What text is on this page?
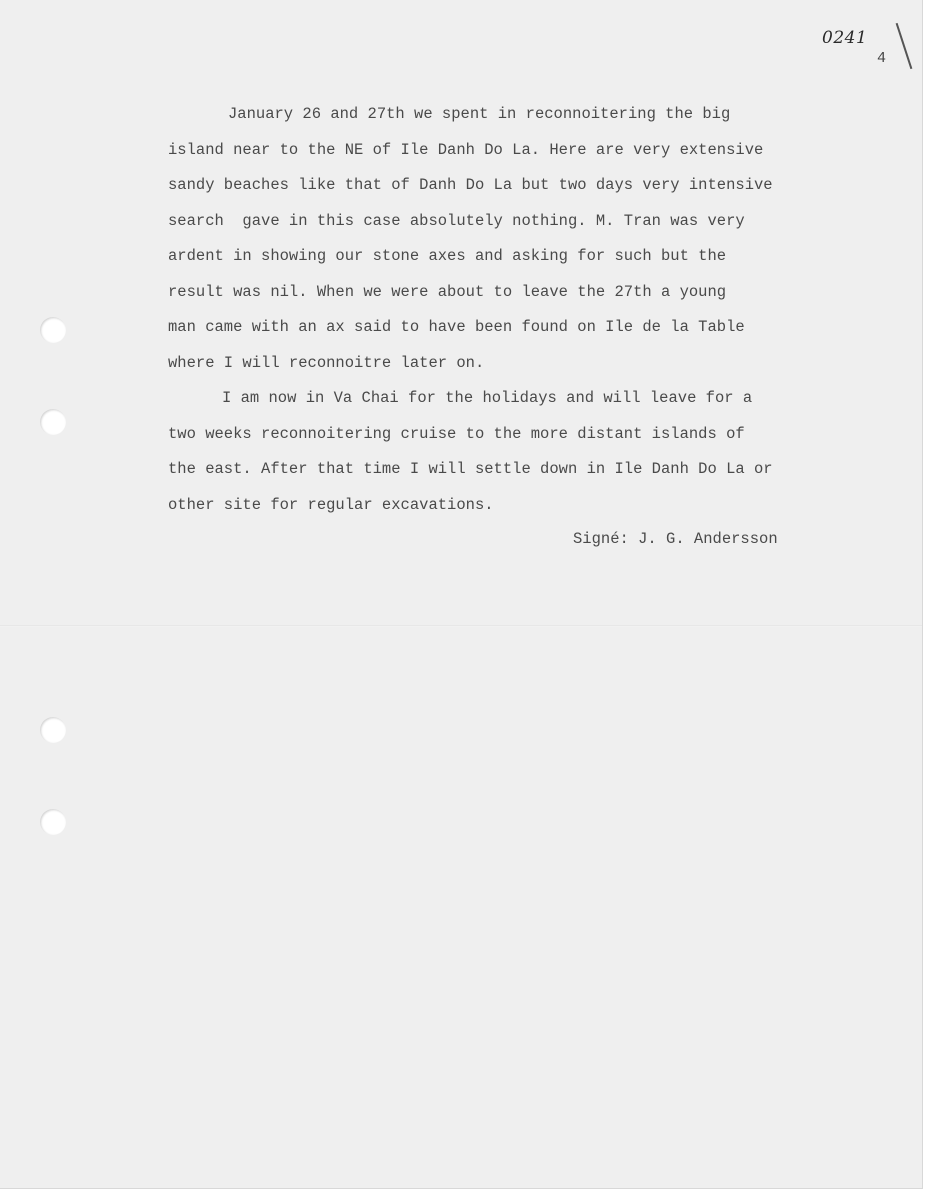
0241
4
January 26 and 27th we spent in reconnoitering the big
island near to the NE of Ile Danh Do La. Here are very extensive
sandy beaches like that of Danh Do La but two days very intensive
search  gave in this case absolutely nothing. M. Tran was very
ardent in showing our stone axes and asking for such but the
result was nil. When we were about to leave the 27th a young
man came with an ax said to have been found on Ile de la Table
where I will reconnoitre later on.
I am now in Va Chai for the holidays and will leave for a
two weeks reconnoitering cruise to the more distant islands of
the east. After that time I will settle down in Ile Danh Do La or
other site for regular excavations.
Signé: J. G. Andersson
